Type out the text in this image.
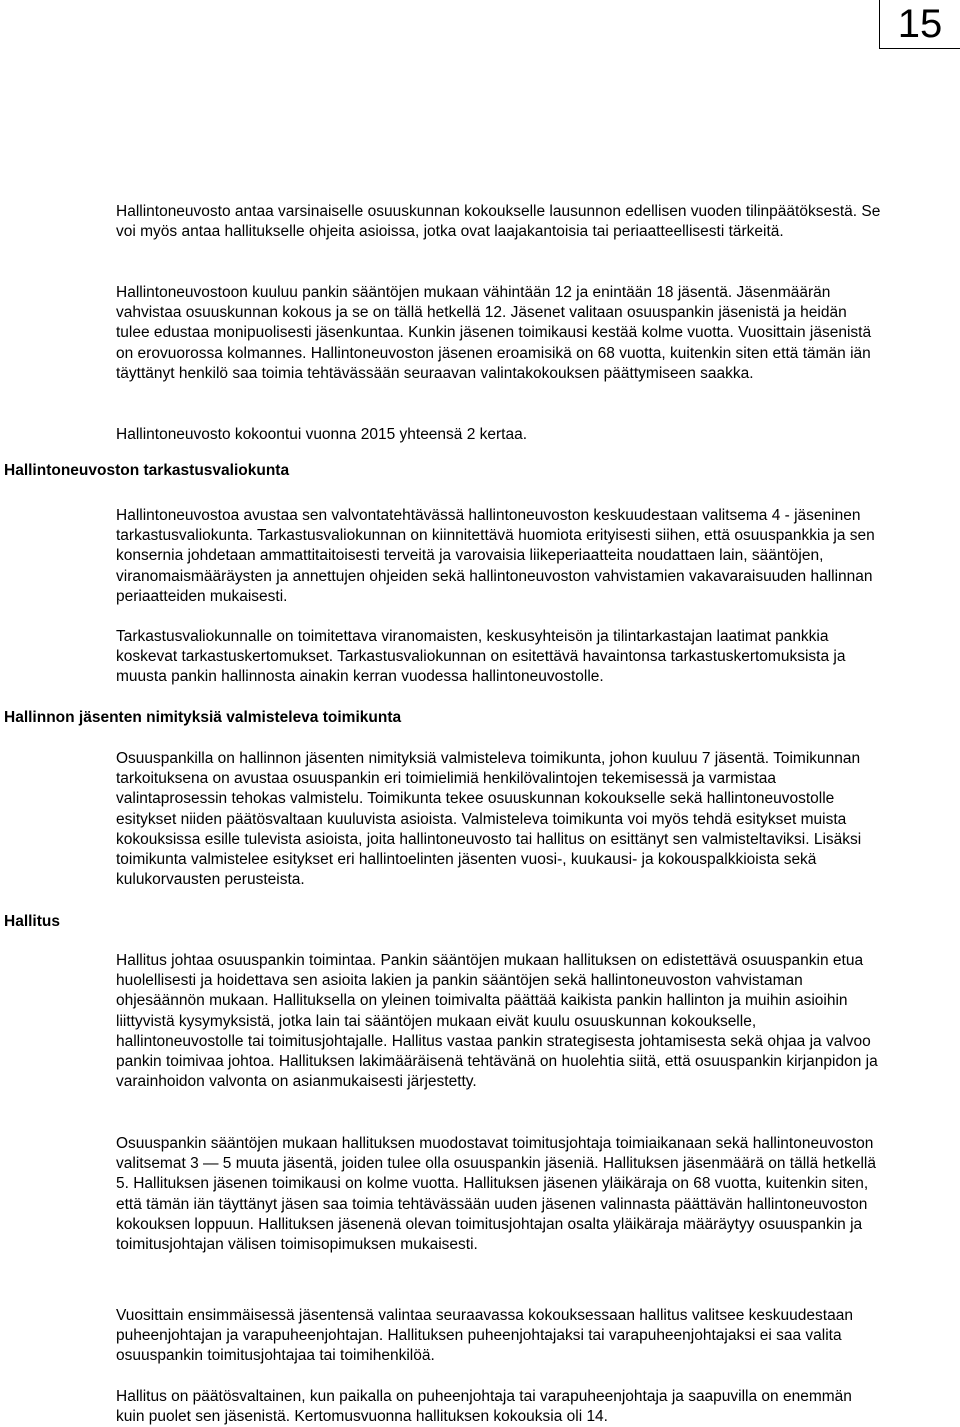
15

Hallintoneuvosto antaa varsinaiselle osuuskunnan kokoukselle lausunnon edellisen vuoden tilinpäätöksestä. Se voi myös antaa hallitukselle ohjeita asioissa, jotka ovat laajakantoisia tai periaatteellisesti tärkeitä.

Hallintoneuvostoon kuuluu pankin sääntöjen mukaan vähintään 12 ja enintään 18 jäsentä. Jäsenmäärän vahvistaa osuuskunnan kokous ja se on tällä hetkellä 12. Jäsenet valitaan osuuspankin jäsenistä ja heidän tulee edustaa monipuolisesti jäsenkuntaa. Kunkin jäsenen toimikausi kestää kolme vuotta. Vuosittain jäsenistä on erovuorossa kolmannes. Hallintoneuvoston jäsenen eroamisikä on 68 vuotta, kuitenkin siten että tämän iän täyttänyt henkilö saa toimia tehtävässään seuraavan valintakokouksen päättymiseen saakka.

Hallintoneuvosto kokoontui vuonna 2015 yhteensä 2 kertaa.

Hallintoneuvoston tarkastusvaliokunta

Hallintoneuvostoa avustaa sen valvontatehtävässä hallintoneuvoston keskuudestaan valitsema 4 - jäseninen tarkastusvaliokunta. Tarkastusvaliokunnan on kiinnitettävä huomiota erityisesti siihen, että osuuspankkia ja sen konsernia johdetaan ammattitaitoisesti terveitä ja varovaisia liikeperiaatteita noudattaen lain, sääntöjen, viranomaismääräysten ja annettujen ohjeiden sekä hallintoneuvoston vahvistamien vakavaraisuuden hallinnan periaatteiden mukaisesti.

Tarkastusvaliokunnalle on toimitettava viranomaisten, keskusyhteisön ja tilintarkastajan laatimat pankkia koskevat tarkastuskertomukset. Tarkastusvaliokunnan on esitettävä havaintonsa tarkastuskertomuksista ja muusta pankin hallinnosta ainakin kerran vuodessa hallintoneuvostolle.

Hallinnon jäsenten nimityksiä valmisteleva toimikunta

Osuuspankilla on hallinnon jäsenten nimityksiä valmisteleva toimikunta, johon kuuluu 7 jäsentä. Toimikunnan tarkoituksena on avustaa osuuspankin eri toimielimiä henkilövalintojen tekemisessä ja varmistaa valintaprosessin tehokas valmistelu. Toimikunta tekee osuuskunnan kokoukselle sekä hallintoneuvostolle esitykset niiden päätösvaltaan kuuluvista asioista. Valmisteleva toimikunta voi myös tehdä esitykset muista kokouksissa esille tulevista asioista, joita hallintoneuvosto tai hallitus on esittänyt sen valmisteltaviksi. Lisäksi toimikunta valmistelee esitykset eri hallintoelinten jäsenten vuosi-, kuukausi- ja kokouspalkkioista sekä kulukorvausten perusteista.

Hallitus

Hallitus johtaa osuuspankin toimintaa. Pankin sääntöjen mukaan hallituksen on edistettävä osuuspankin etua huolellisesti ja hoidettava sen asioita lakien ja pankin sääntöjen sekä hallintoneuvoston vahvistaman ohjesäännön mukaan. Hallituksella on yleinen toimivalta päättää kaikista pankin hallinton ja muihin asioihin liittyvistä kysymyksistä, jotka lain tai sääntöjen mukaan eivät kuulu osuuskunnan kokoukselle, hallintoneuvostolle tai toimitusjohtajalle. Hallitus vastaa pankin strategisesta johtamisesta sekä ohjaa ja valvoo pankin toimivaa johtoa. Hallituksen lakimääräisenä tehtävänä on huolehtia siitä, että osuuspankin kirjanpidon ja varainhoidon valvonta on asianmukaisesti järjestetty.

Osuuspankin sääntöjen mukaan hallituksen muodostavat toimitusjohtaja toimiaikanaan sekä hallintoneuvoston valitsemat 3 — 5 muuta jäsentä, joiden tulee olla osuuspankin jäseniä. Hallituksen jäsenmäärä on tällä hetkellä 5. Hallituksen jäsenen toimikausi on kolme vuotta. Hallituksen jäsenen yläikäraja on 68 vuotta, kuitenkin siten, että tämän iän täyttänyt jäsen saa toimia tehtävässään uuden jäsenen valinnasta päättävän hallintoneuvoston kokouksen loppuun. Hallituksen jäsenenä olevan toimitusjohtajan osalta yläikäraja määräytyy osuuspankin ja toimitusjohtajan välisen toimisopimuksen mukaisesti.

Vuosittain ensimmäisessä jäsentensä valintaa seuraavassa kokouksessaan hallitus valitsee keskuudestaan puheenjohtajan ja varapuheenjohtajan. Hallituksen puheenjohtajaksi tai varapuheenjohtajaksi ei saa valita osuuspankin toimitusjohtajaa tai toimihenkilöä.

Hallitus on päätösvaltainen, kun paikalla on puheenjohtaja tai varapuheenjohtaja ja saapuvilla on enemmän kuin puolet sen jäsenistä. Kertomusvuonna hallituksen kokouksia oli 14.
